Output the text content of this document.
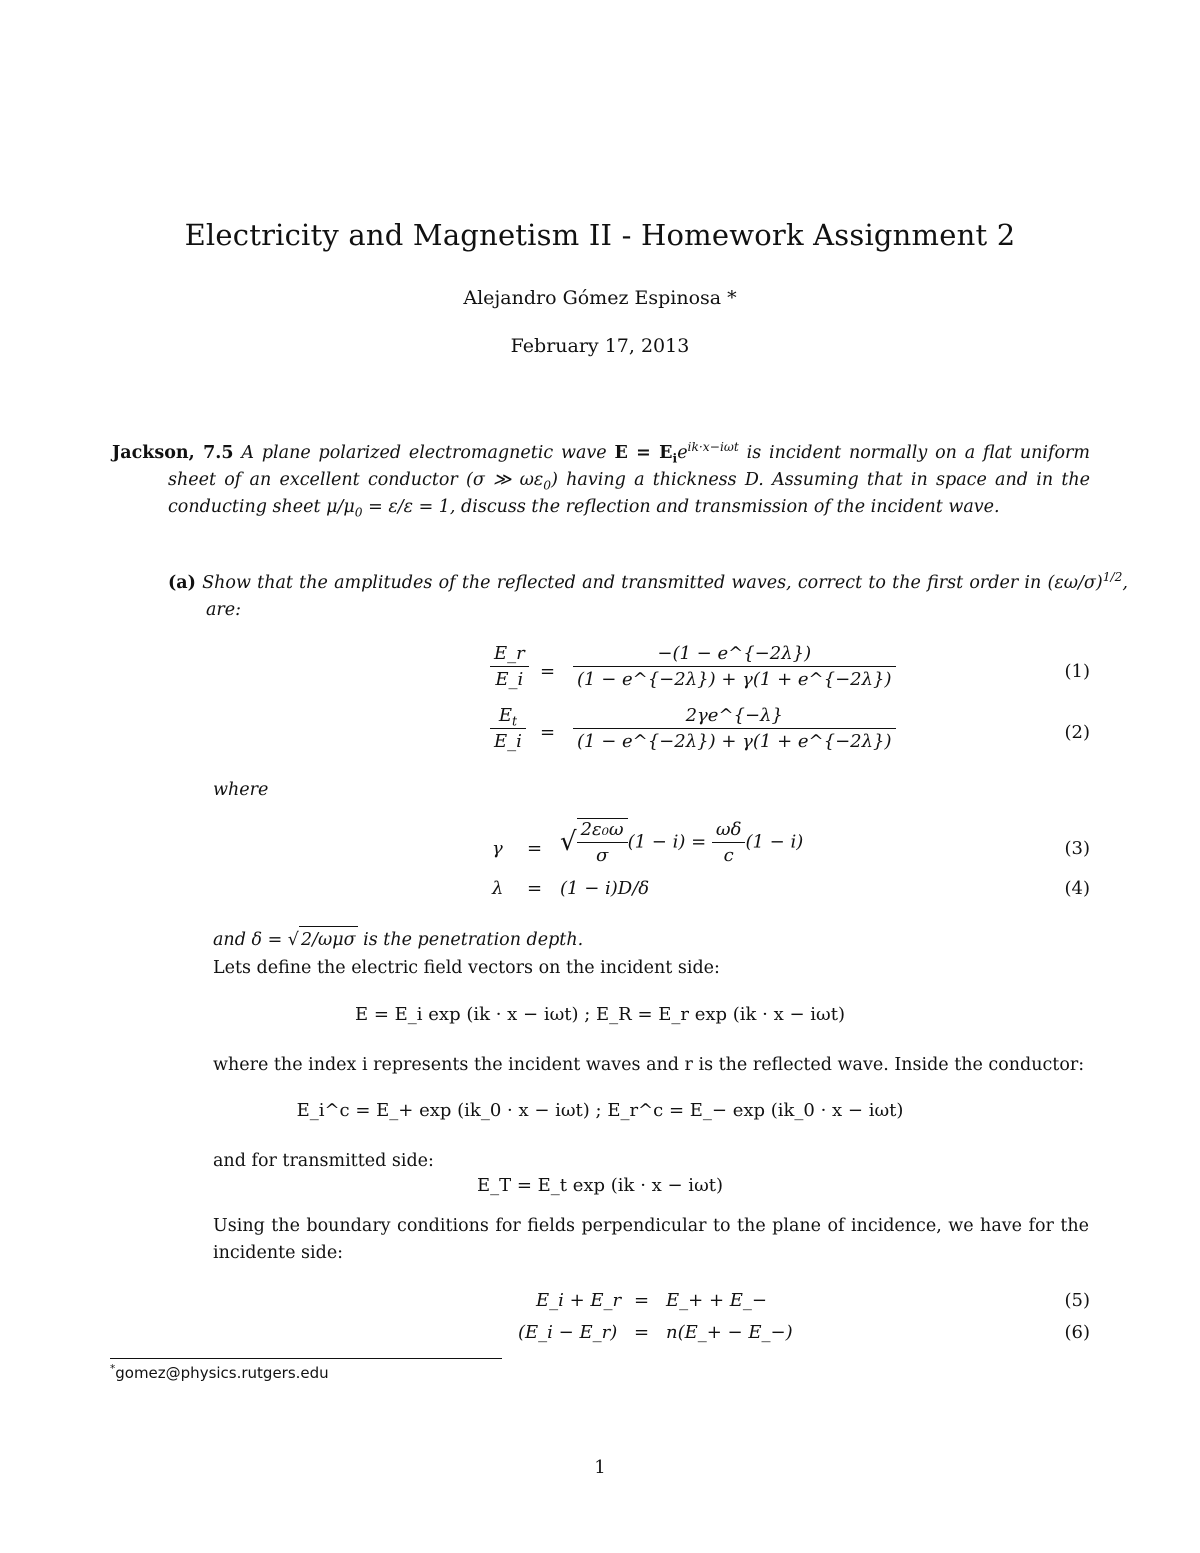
Electricity and Magnetism II - Homework Assignment 2
Alejandro Gómez Espinosa *
February 17, 2013
Jackson, 7.5 A plane polarized electromagnetic wave $E = E_ie^{ik\cdot x-i\omega t}$ is incident normally on a flat uniform sheet of an excellent conductor (σ ≫ $\omega\varepsilon_0$) having a thickness D. Assuming that in space and in the conducting sheet $\mu/\mu_0 = \varepsilon/\varepsilon = 1$, discuss the reflection and transmission of the incident wave.
(a) Show that the amplitudes of the reflected and transmitted waves, correct to the first order in $(\varepsilon\omega/\sigma)^{1/2}$, are:
$\frac{E\_r}{E\_i} = \frac{-(1 - e\^{}\{-2\lambda\})}{(1 - e\^{}\{-2\lambda\}) + \gamma(1 + e\^{}\{-2\lambda\})}$	(1)
$\frac{E_t}{E\_i} = \frac{2\gamma e\^{}\{-\lambda\}}{(1 - e\^{}\{-2\lambda\}) + \gamma(1 + e\^{}\{-2\lambda\})}$	(2)
where
γ = √ $\frac{\text{2ε₀ω}}{\sigma} (1 - i) = \frac{\omega\delta}{c} (1 - i)$	(3)
λ = (1 − i)D/δ	(4)
and δ = √ 2/ωμσ is the penetration depth.
Lets define the electric field vectors on the incident side:
E = E_i exp (ik · x − iωt) ; E_R = E_r exp (ik · x − iωt)
where the index i represents the incident waves and r is the reflected wave. Inside the conductor:
E_i^c = E_+ exp (ik_0 · x − iωt) ; E_r^c = E_− exp (ik_0 · x − iωt)
and for transmitted side:
E_T = E_t exp (ik · x − iωt)
Using the boundary conditions for fields perpendicular to the plane of incidence, we have for the incidente side:
E_i + E_r = E_+ + E_−	(5)
(E_i − E_r) = n(E_+ − E_−)	(6)
*gomez@physics.rutgers.edu
1
